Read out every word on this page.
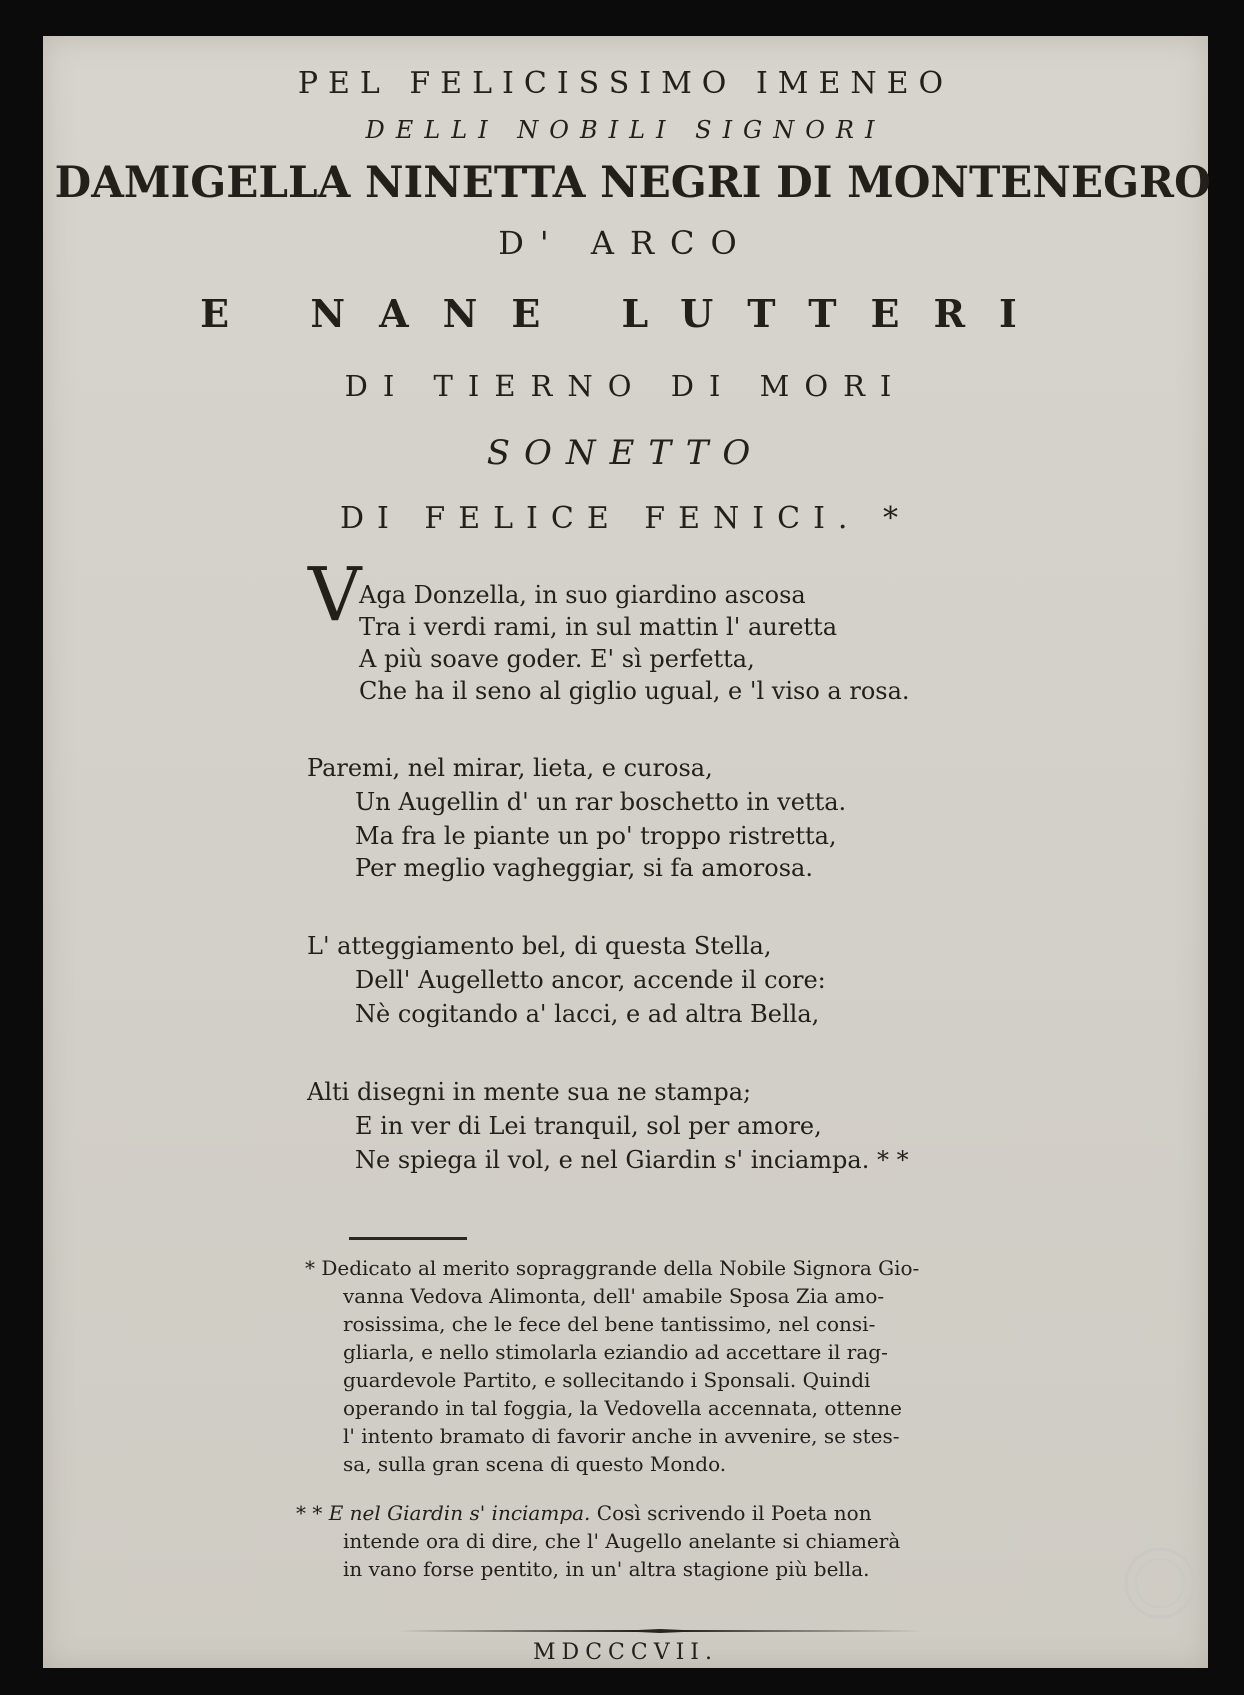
PEL FELICISSIMO IMENEO
DELLI NOBILI SIGNORI
DAMIGELLA NINETTA NEGRI DI MONTENEGRO
D' ARCO
E NANE LUTTERI
DI TIERNO DI MORI
SONETTO
DI FELICE FENICI. *
V
Aga Donzella, in suo giardino ascosa
Tra i verdi rami, in sul mattin l' auretta
A più soave goder. E' sì perfetta,
Che ha il seno al giglio ugual, e 'l viso a rosa.
Paremi, nel mirar, lieta, e curosa,
Un Augellin d' un rar boschetto in vetta.
Ma fra le piante un po' troppo ristretta,
Per meglio vagheggiar, si fa amorosa.
L' atteggiamento bel, di questa Stella,
Dell' Augelletto ancor, accende il core:
Nè cogitando a' lacci, e ad altra Bella,
Alti disegni in mente sua ne stampa;
E in ver di Lei tranquil, sol per amore,
Ne spiega il vol, e nel Giardin s' inciampa. * *
* Dedicato al merito sopraggrande della Nobile Signora Gio-
vanna Vedova Alimonta, dell' amabile Sposa Zia amo-
rosissima, che le fece del bene tantissimo, nel consi-
gliarla, e nello stimolarla eziandio ad accettare il rag-
guardevole Partito, e sollecitando i Sponsali. Quindi
operando in tal foggia, la Vedovella accennata, ottenne
l' intento bramato di favorir anche in avvenire, se stes-
sa, sulla gran scena di questo Mondo.
* * E nel Giardin s' inciampa. Così scrivendo il Poeta non
intende ora di dire, che l' Augello anelante si chiamerà
in vano forse pentito, in un' altra stagione più bella.
MDCCCVII.
